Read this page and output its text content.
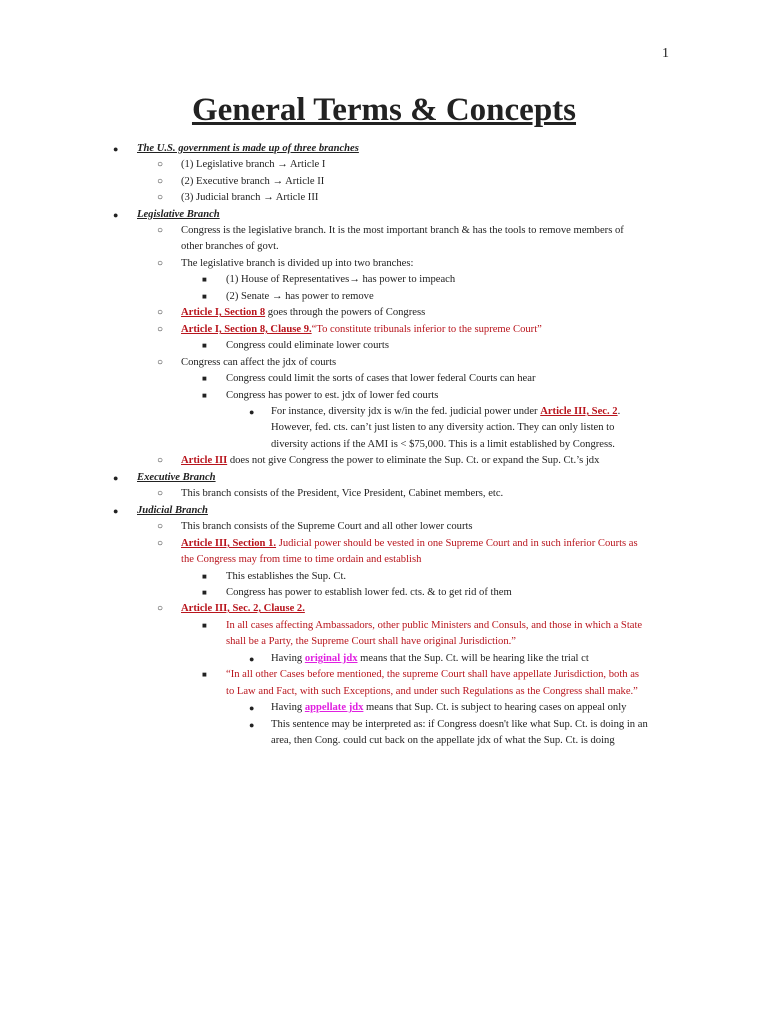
1
General Terms & Concepts
● The U.S. government is made up of three branches
○ (1) Legislative branch → Article I
○ (2) Executive branch → Article II
○ (3) Judicial branch → Article III
● Legislative Branch
○ Congress is the legislative branch. It is the most important branch & has the tools to remove members of
other branches of govt.
○ The legislative branch is divided up into two branches:
■ (1) House of Representatives→ has power to impeach
■ (2) Senate → has power to remove
○ Article I, Section 8 goes through the powers of Congress
○ Article I, Section 8, Clause 9.“To constitute tribunals inferior to the supreme Court”
■ Congress could eliminate lower courts
○ Congress can affect the jdx of courts
■ Congress could limit the sorts of cases that lower federal Courts can hear
■ Congress has power to est. jdx of lower fed courts
● For instance, diversity jdx is w/in the fed. judicial power under Article III, Sec. 2.
However, fed. cts. can’t just listen to any diversity action. They can only listen to
diversity actions if the AMI is < $75,000. This is a limit established by Congress.
○ Article III does not give Congress the power to eliminate the Sup. Ct. or expand the Sup. Ct.’s jdx
● Executive Branch
○ This branch consists of the President, Vice President, Cabinet members, etc.
● Judicial Branch
○ This branch consists of the Supreme Court and all other lower courts
○ Article III, Section 1. Judicial power should be vested in one Supreme Court and in such inferior Courts as
the Congress may from time to time ordain and establish
■ This establishes the Sup. Ct.
■ Congress has power to establish lower fed. cts. & to get rid of them
○ Article III, Sec. 2, Clause 2.
■ In all cases affecting Ambassadors, other public Ministers and Consuls, and those in which a State
shall be a Party, the Supreme Court shall have original Jurisdiction.”
● Having original jdx means that the Sup. Ct. will be hearing like the trial ct
■ “In all other Cases before mentioned, the supreme Court shall have appellate Jurisdiction, both as
to Law and Fact, with such Exceptions, and under such Regulations as the Congress shall make.”
● Having appellate jdx means that Sup. Ct. is subject to hearing cases on appeal only
● This sentence may be interpreted as: if Congress doesn't like what Sup. Ct. is doing in an
area, then Cong. could cut back on the appellate jdx of what the Sup. Ct. is doing
